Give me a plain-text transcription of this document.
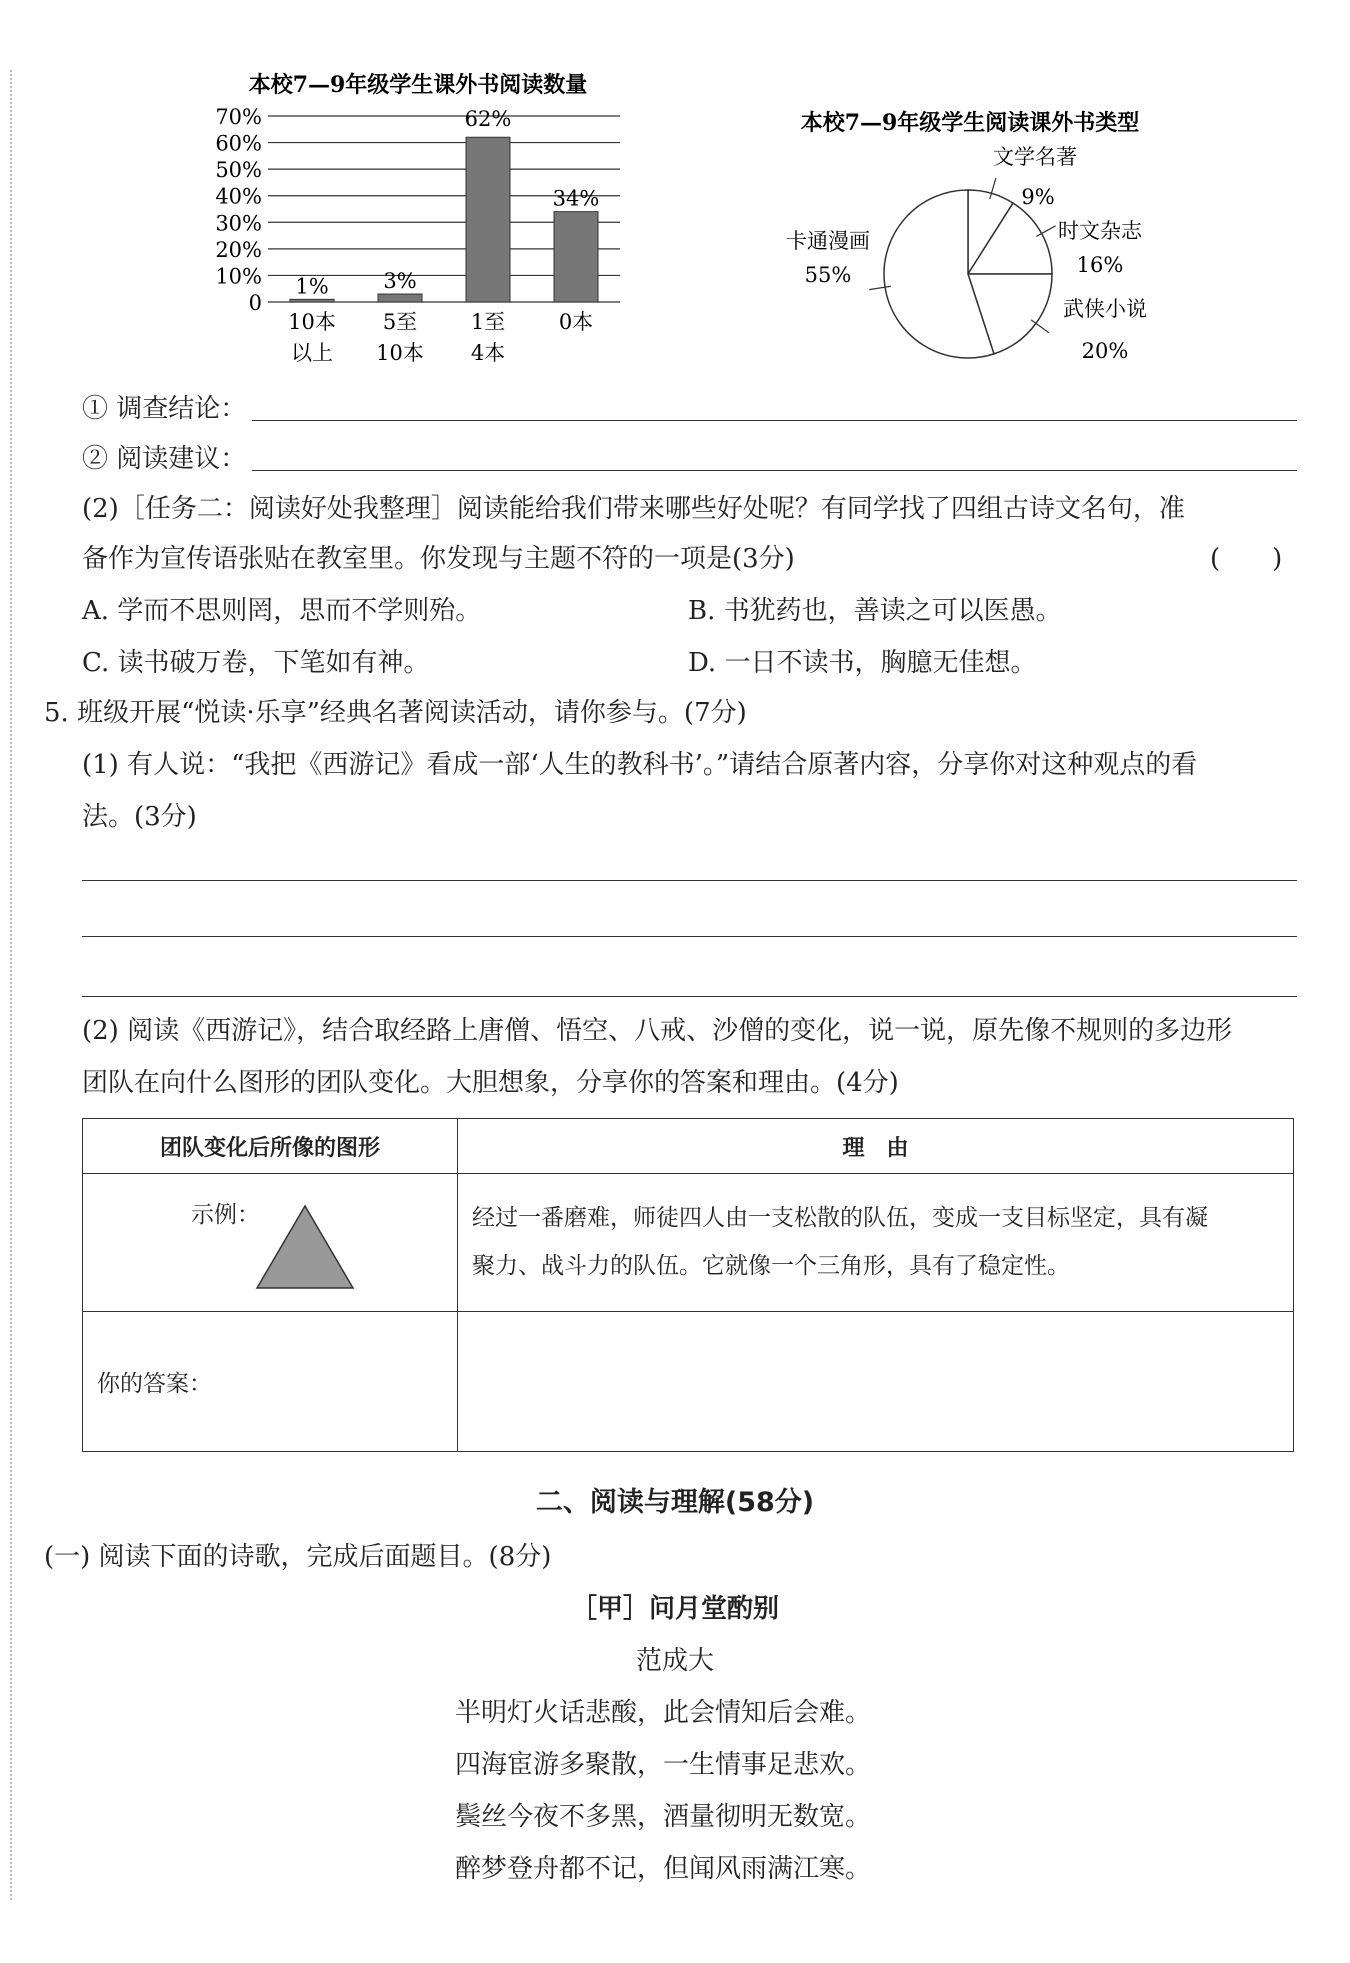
本校7—9年级学生课外书阅读数量
0
10%
20%
30%
40%
50%
60%
70%
1%
10本
以上
3%
5至
10本
62%
1至
4本
34%
0本
本校7—9年级学生阅读课外书类型
文学名著
9%
时文杂志
16%
武侠小说
20%
卡通漫画
55%
① 调查结论：
② 阅读建议：
(2)［任务二：阅读好处我整理］阅读能给我们带来哪些好处呢？有同学找了四组古诗文名句，准
备作为宣传语张贴在教室里。你发现与主题不符的一项是(3分)	(　　)
A. 学而不思则罔，思而不学则殆。	B. 书犹药也，善读之可以医愚。
C. 读书破万卷，下笔如有神。	D. 一日不读书，胸臆无佳想。
5. 班级开展“悦读·乐享”经典名著阅读活动，请你参与。(7分)
(1) 有人说：“我把《西游记》看成一部‘人生的教科书’。”请结合原著内容，分享你对这种观点的看
法。(3分)
(2) 阅读《西游记》，结合取经路上唐僧、悟空、八戒、沙僧的变化，说一说，原先像不规则的多边形
团队在向什么图形的团队变化。大胆想象，分享你的答案和理由。(4分)
团队变化后所像的图形	理　由

示例：	经过一番磨难，师徒四人由一支松散的队伍，变成一支目标坚定，具有凝
聚力、战斗力的队伍。它就像一个三角形，具有了稳定性。

你的答案：	
二、阅读与理解(58分)
(一) 阅读下面的诗歌，完成后面题目。(8分)
［甲］问月堂酌别
范成大
半明灯火话悲酸，此会情知后会难。
四海宦游多聚散，一生情事足悲欢。
鬓丝今夜不多黑，酒量彻明无数宽。
醉梦登舟都不记，但闻风雨满江寒。
